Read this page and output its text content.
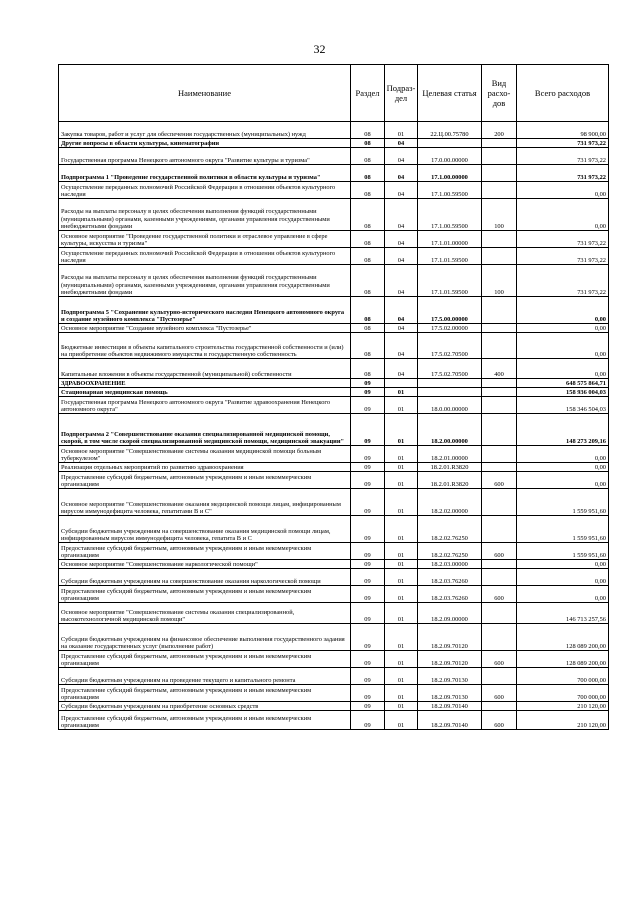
32
Наименование	Раздел	Подраз-дел	Целевая статья	Вид расхо-дов	Всего расходов
Закупка товаров, работ и услуг для обеспечения государственных (муниципальных) нужд	08	01	22.Ц.00.75780	200	98 900,00
Другие вопросы в области культуры, кинематографии	08	04			731 973,22
Государственная программа Ненецкого автономного округа "Развитие культуры и туризма"	08	04	17.0.00.00000		731 973,22
Подпрограмма 1 "Проведение государственной политики в области культуры и туризма"	08	04	17.1.00.00000		731 973,22
Осуществление переданных полномочий Российской Федерации в отношении объектов культурного наследия	08	04	17.1.00.59500		0,00
Расходы на выплаты персоналу в целях обеспечения выполнения функций государственными (муниципальными) органами, казенными учреждениями, органами управления государственными внебюджетными фондами	08	04	17.1.00.59500	100	0,00
Основное мероприятие "Проведение государственной политики и отраслевое управление в сфере культуры, искусства и туризма"	08	04	17.1.01.00000		731 973,22
Осуществление переданных полномочий Российской Федерации в отношении объектов культурного наследия	08	04	17.1.01.59500		731 973,22
Расходы на выплаты персоналу в целях обеспечения выполнения функций государственными (муниципальными) органами, казенными учреждениями, органами управления государственными внебюджетными фондами	08	04	17.1.01.59500	100	731 973,22
Подпрограмма 5 "Сохранение культурно-исторического наследия Ненецкого автономного округа и создание музейного комплекса "Пустозерье"	08	04	17.5.00.00000		0,00
Основное мероприятие "Создание музейного комплекса "Пустозерье"	08	04	17.5.02.00000		0,00
Бюджетные инвестиции в объекты капитального строительства государственной собственности и (или) на приобретение объектов недвижимого имущества в государственную собственность	08	04	17.5.02.70500		0,00
Капитальные вложения в объекты государственной (муниципальной) собственности	08	04	17.5.02.70500	400	0,00
ЗДРАВООХРАНЕНИЕ	09				648 575 864,71
Стационарная медицинская помощь	09	01			158 936 004,03
Государственная программа Ненецкого автономного округа "Развитие здравоохранения Ненецкого автономного округа"	09	01	18.0.00.00000		158 346 504,03
Подпрограмма 2 "Совершенствование оказания специализированной медицинской помощи, скорой, в том числе скорой специализированной медицинской помощи, медицинской эвакуации"	09	01	18.2.00.00000		148 273 209,16
Основное мероприятие "Совершенствование системы оказания медицинской помощи больным туберкулезом"	09	01	18.2.01.00000		0,00
Реализация отдельных мероприятий по развитию здравоохранения	09	01	18.2.01.R3820		0,00
Предоставление субсидий бюджетным, автономным учреждениям и иным некоммерческим организациям	09	01	18.2.01.R3820	600	0,00
Основное мероприятие "Совершенствование оказания медицинской помощи лицам, инфицированным вирусом иммунодефицита человека, гепатитами В и С"	09	01	18.2.02.00000		1 559 951,60
Субсидии бюджетным учреждениям на совершенствование оказания медицинской помощи лицам, инфицированным вирусом иммунодефицита человека, гепатита В и С	09	01	18.2.02.76250		1 559 951,60
Предоставление субсидий бюджетным, автономным учреждениям и иным некоммерческим организациям	09	01	18.2.02.76250	600	1 559 951,60
Основное мероприятие "Совершенствование наркологической помощи"	09	01	18.2.03.00000		0,00
Субсидии бюджетным учреждениям на совершенствование оказания наркологической помощи	09	01	18.2.03.76260		0,00
Предоставление субсидий бюджетным, автономным учреждениям и иным некоммерческим организациям	09	01	18.2.03.76260	600	0,00
Основное мероприятие "Совершенствование системы оказания специализированной, высокотехнологичной медицинской помощи"	09	01	18.2.09.00000		146 713 257,56
Субсидии бюджетным учреждениям на финансовое обеспечение выполнения государственного задания на оказание государственных услуг (выполнение работ)	09	01	18.2.09.70120		128 089 200,00
Предоставление субсидий бюджетным, автономным учреждениям и иным некоммерческим организациям	09	01	18.2.09.70120	600	128 089 200,00
Субсидии бюджетным учреждениям на проведение текущего и капитального ремонта	09	01	18.2.09.70130		700 000,00
Предоставление субсидий бюджетным, автономным учреждениям и иным некоммерческим организациям	09	01	18.2.09.70130	600	700 000,00
Субсидии бюджетным учреждениям на приобретение основных средств	09	01	18.2.09.70140		210 120,00
Предоставление субсидий бюджетным, автономным учреждениям и иным некоммерческим организациям	09	01	18.2.09.70140	600	210 120,00
